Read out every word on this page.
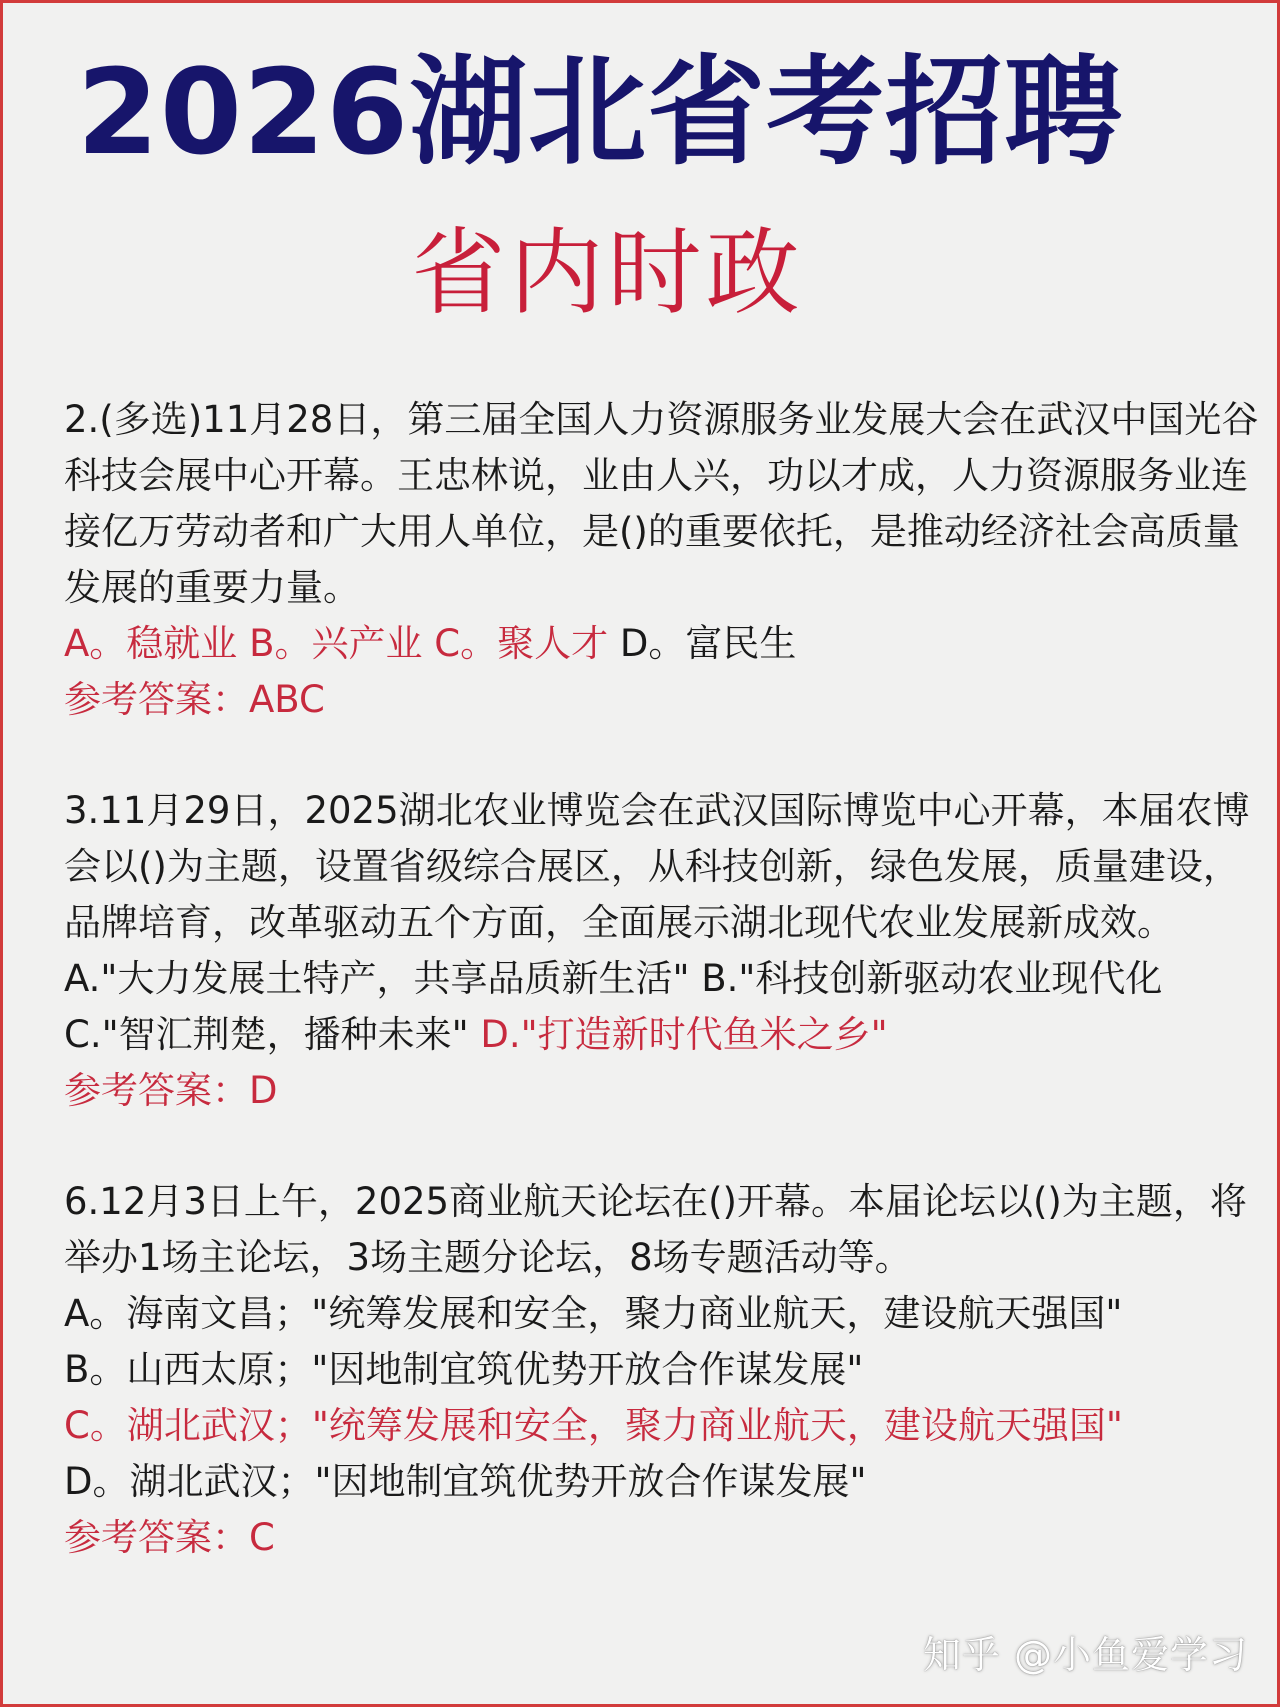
2026湖北省考招聘
省内时政

2.(多选)11月28日，第三届全国人力资源服务业发展大会在武汉中国光谷科技会展中心开幕。王忠林说，业由人兴，功以才成，人力资源服务业连接亿万劳动者和广大用人单位，是()的重要依托，是推动经济社会高质量发展的重要力量。

A。稳就业 B。兴产业 C。聚人才 D。富民生

参考答案：ABC

3.11月29日，2025湖北农业博览会在武汉国际博览中心开幕，本届农博会以()为主题，设置省级综合展区，从科技创新，绿色发展，质量建设，品牌培育，改革驱动五个方面，全面展示湖北现代农业发展新成效。

A."大力发展土特产，共享品质新生活" B."科技创新驱动农业现代化

C."智汇荆楚，播种未来" D."打造新时代鱼米之乡"

参考答案：D

6.12月3日上午，2025商业航天论坛在()开幕。本届论坛以()为主题，将举办1场主论坛，3场主题分论坛，8场专题活动等。

A。海南文昌；"统筹发展和安全，聚力商业航天，建设航天强国"

B。山西太原；"因地制宜筑优势开放合作谋发展"

C。湖北武汉；"统筹发展和安全，聚力商业航天，建设航天强国"

D。湖北武汉；"因地制宜筑优势开放合作谋发展"

参考答案：C

知乎 @小鱼爱学习
